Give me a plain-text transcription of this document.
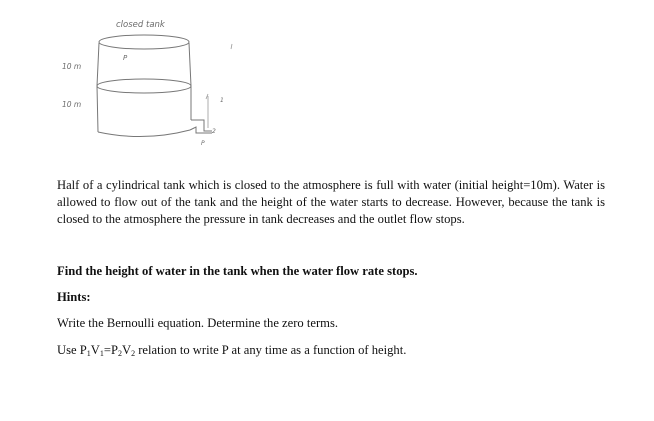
closed tank
P
10 m
10 m	1
2
P

Half of a cylindrical tank which is closed to the atmosphere is full with water (initial height=10m). Water is allowed to flow out of the tank and the height of the water starts to decrease. However, because the tank is closed to the atmosphere the pressure in tank decreases and the outlet flow stops.

Find the height of water in the tank when the water flow rate stops.

Hints:

Write the Bernoulli equation. Determine the zero terms.

Use $P_1V_1=P_2V_2$ relation to write P at any time as a function of height.
